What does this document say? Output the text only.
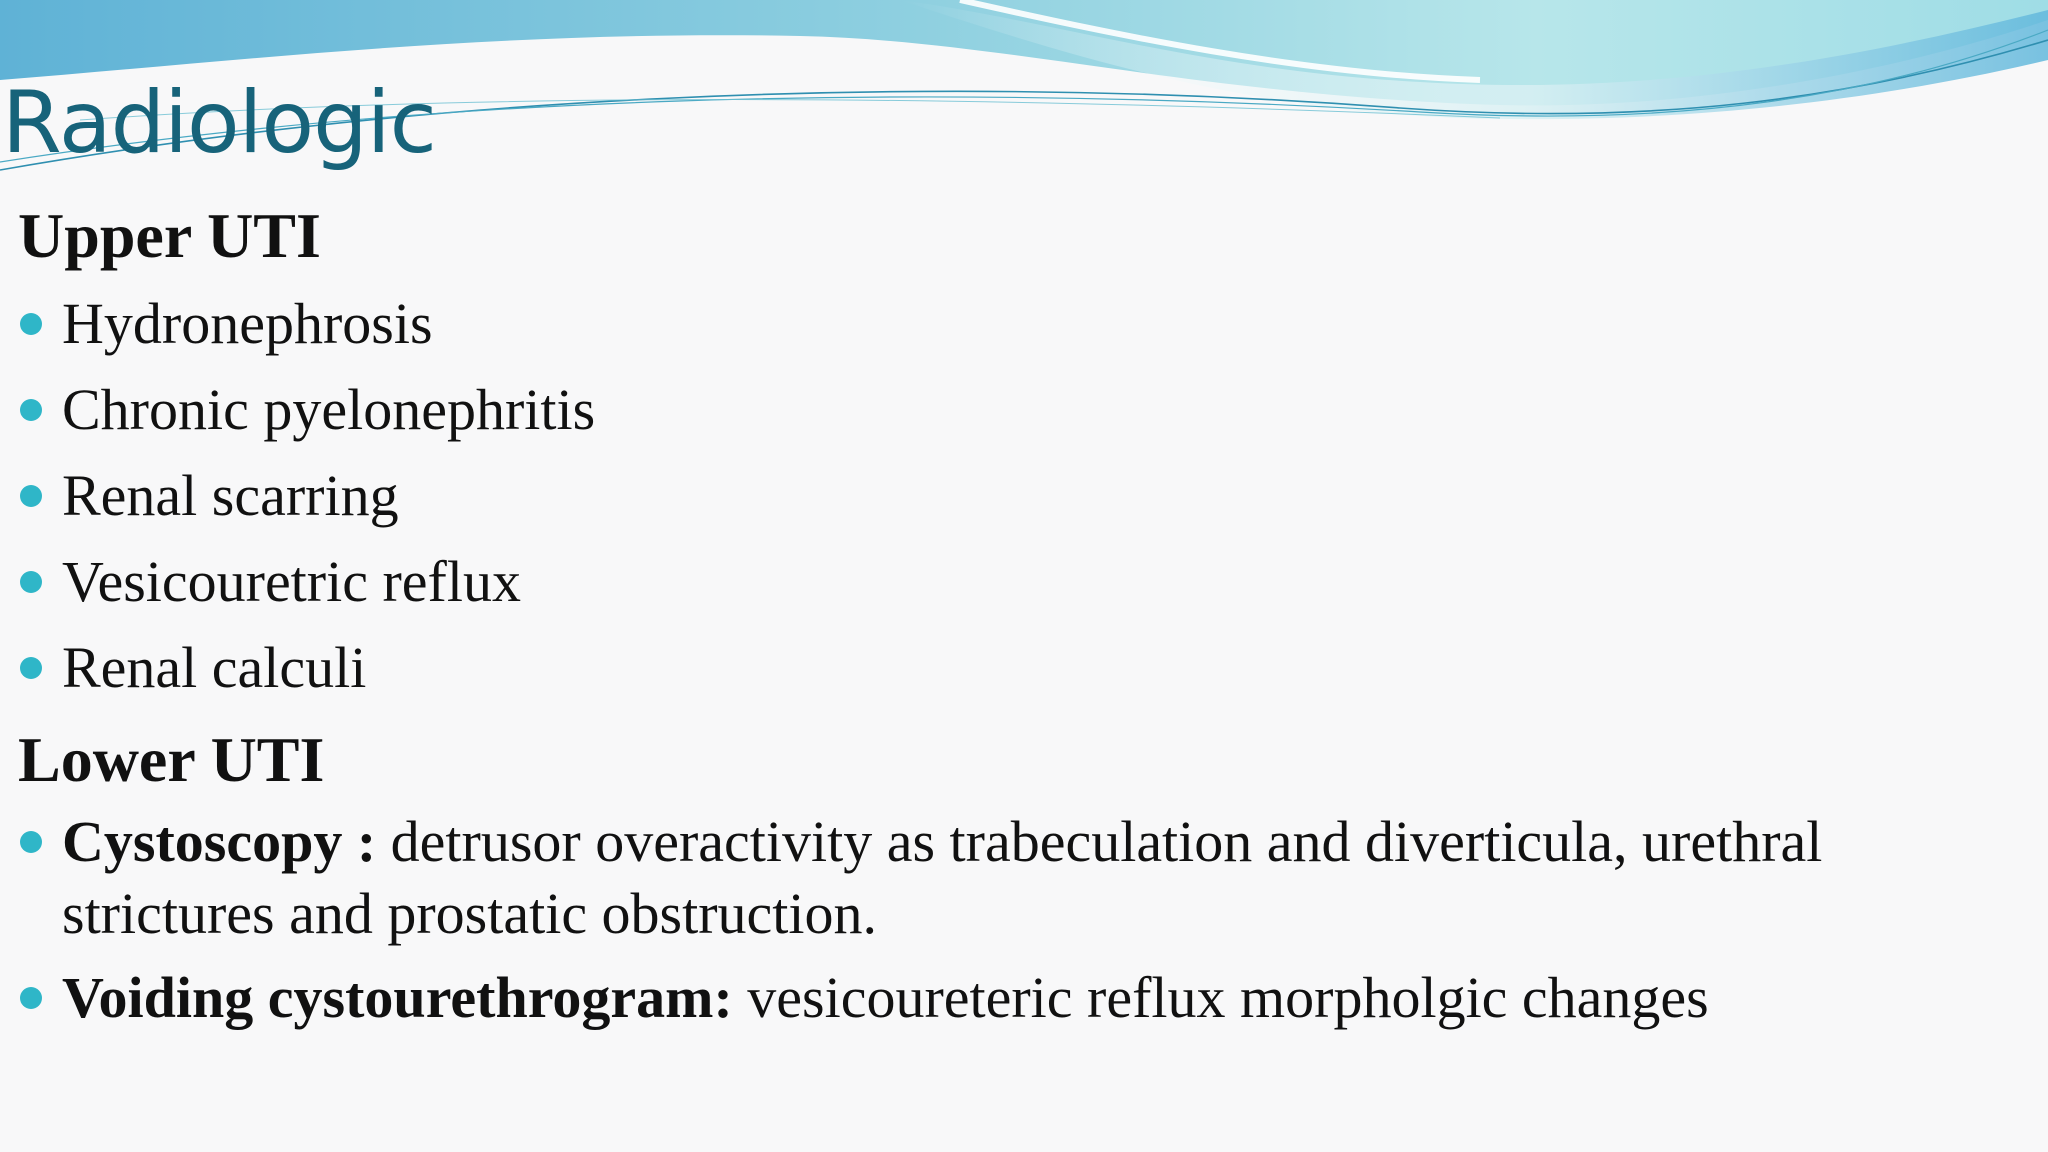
Radiologic
Upper UTI
Hydronephrosis
Chronic pyelonephritis
Renal scarring
Vesicouretric reflux
Renal calculi
Lower UTI
Cystoscopy : detrusor overactivity as trabeculation and diverticula, urethral strictures and prostatic obstruction.
Voiding cystourethrogram: vesicoureteric reflux morpholgic changes
